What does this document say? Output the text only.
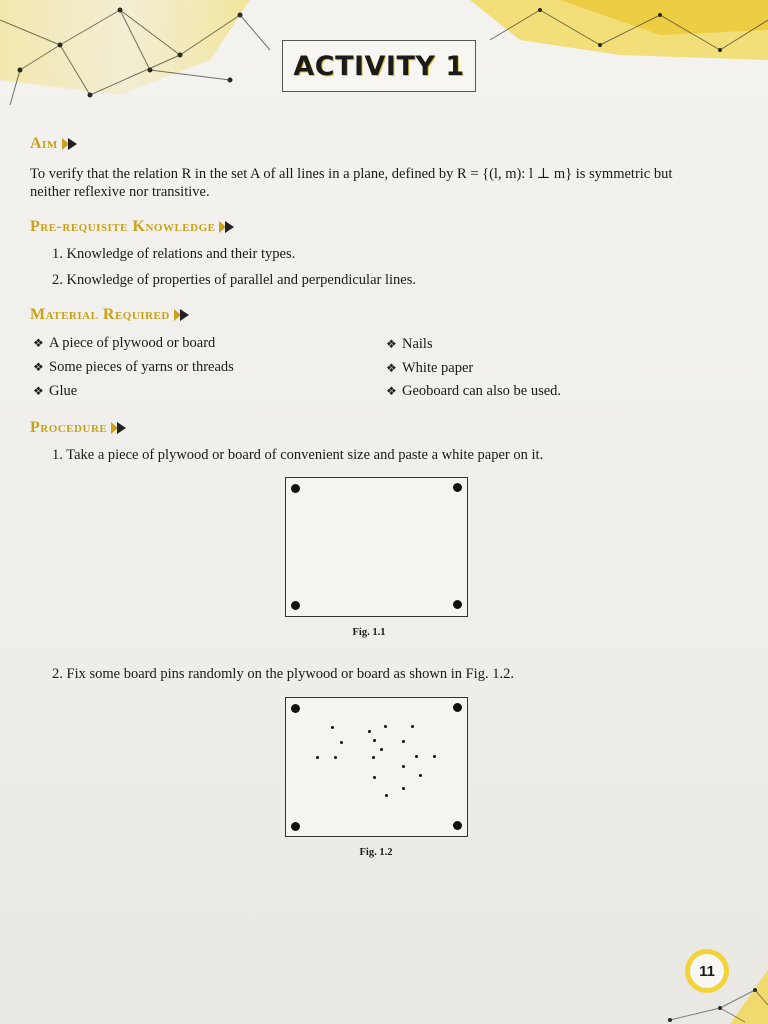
ACTIVITY 1
Aim
To verify that the relation R in the set A of all lines in a plane, defined by R = {(l, m): l ⊥ m} is symmetric but
neither reflexive nor transitive.
Pre-requisite Knowledge
1. Knowledge of relations and their types.
2. Knowledge of properties of parallel and perpendicular lines.
Material Required
❖ A piece of plywood or board
❖ Some pieces of yarns or threads
❖ Glue
❖ Nails
❖ White paper
❖ Geoboard can also be used.
Procedure
1. Take a piece of plywood or board of convenient size and paste a white paper on it.
Fig. 1.1
2. Fix some board pins randomly on the plywood or board as shown in Fig. 1.2.
Fig. 1.2
11
